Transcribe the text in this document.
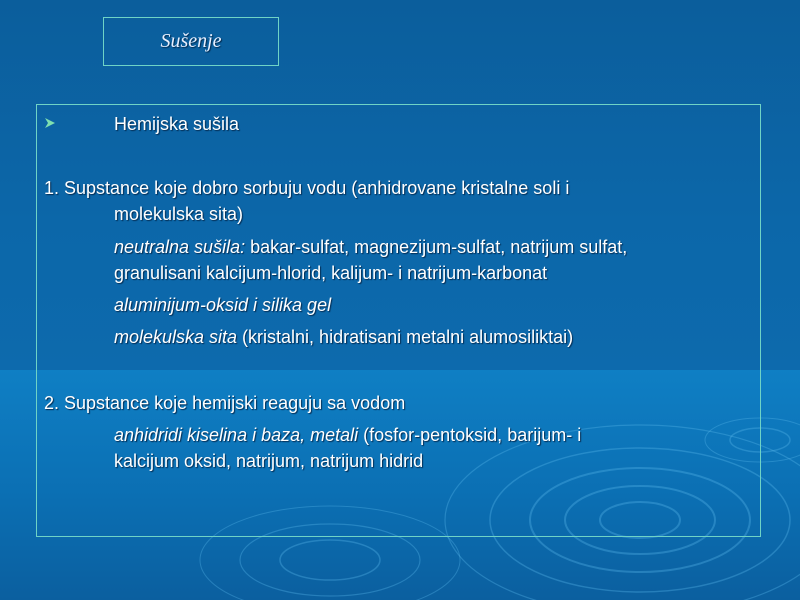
Sušenje
Hemijska sušila
1. Supstance koje dobro sorbuju vodu (anhidrovane kristalne soli i
molekulska sita)
neutralna sušila: bakar-sulfat, magnezijum-sulfat, natrijum sulfat,
granulisani kalcijum-hlorid, kalijum- i natrijum-karbonat
aluminijum-oksid i silika gel
molekulska sita (kristalni, hidratisani metalni alumosiliktai)
2. Supstance koje hemijski reaguju sa vodom
anhidridi kiselina i baza, metali (fosfor-pentoksid, barijum- i
kalcijum oksid, natrijum, natrijum hidrid
